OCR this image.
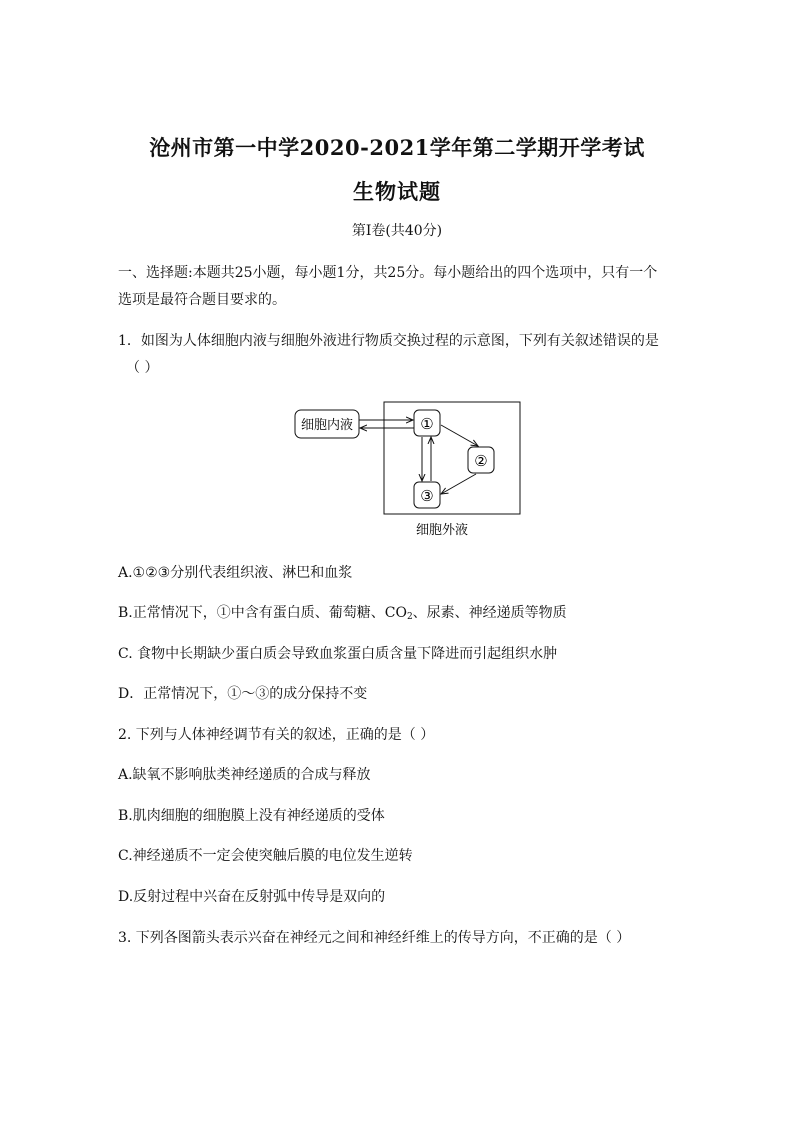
沧州市第一中学2020-2021学年第二学期开学考试
生物试题
第I卷(共40分)
一、选择题:本题共25小题，每小题1分，共25分。每小题给出的四个选项中，只有一个
选项是最符合题目要求的。
1．如图为人体细胞内液与细胞外液进行物质交换过程的示意图，下列有关叙述错误的是
（ ）
细胞内液	①
②
③
细胞外液
A.①②③分别代表组织液、淋巴和血浆
B.正常情况下，①中含有蛋白质、葡萄糖、$CO_2$、尿素、神经递质等物质
C. 食物中长期缺少蛋白质会导致血浆蛋白质含量下降进而引起组织水肿
D．正常情况下，①～③的成分保持不变
2. 下列与人体神经调节有关的叙述，正确的是（ ）
A.缺氧不影响肽类神经递质的合成与释放
B.肌肉细胞的细胞膜上没有神经递质的受体
C.神经递质不一定会使突触后膜的电位发生逆转
D.反射过程中兴奋在反射弧中传导是双向的
3. 下列各图箭头表示兴奋在神经元之间和神经纤维上的传导方向，不正确的是（ ）
